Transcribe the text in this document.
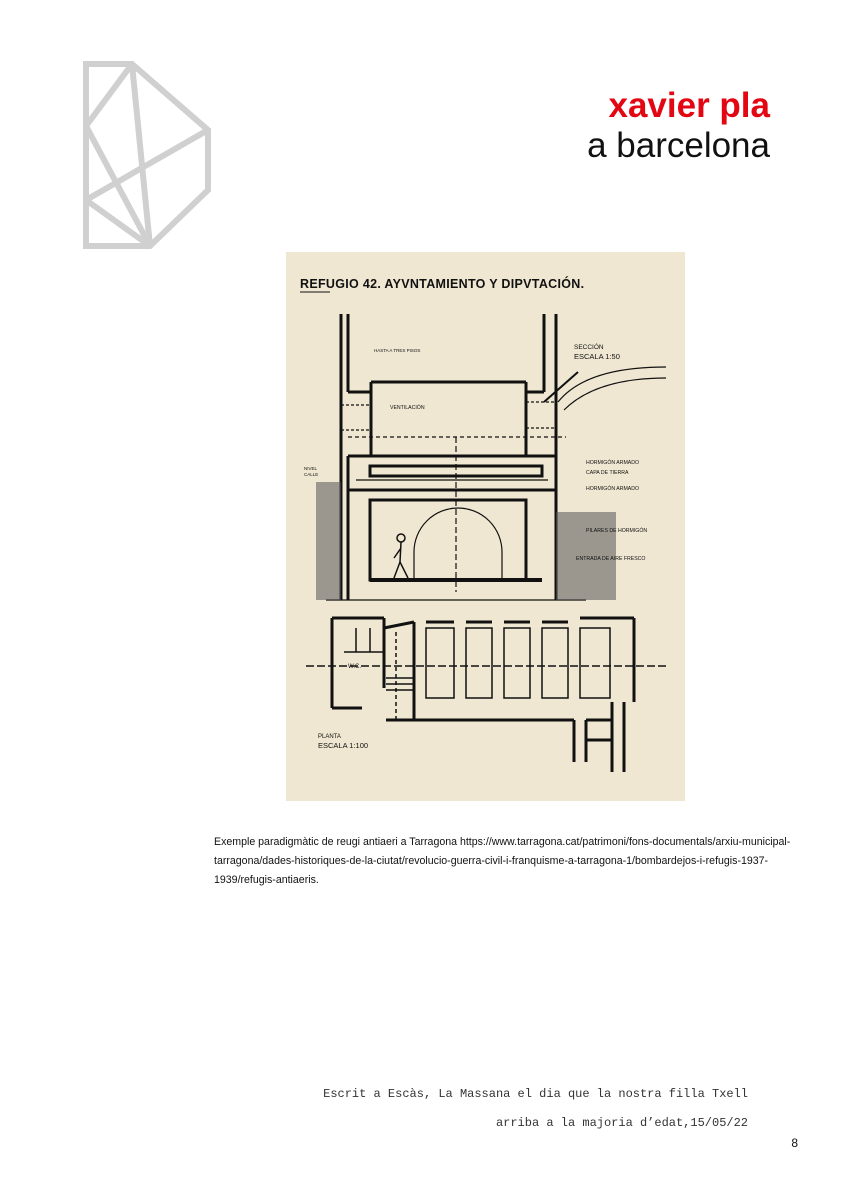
xavier pla
a barcelona
REFUGIO 42. AYVNTAMIENTO Y DIPVTACIÓN.
SECCIÓN
ESCALA 1:50
HASTA A TRES PISOS
VENTILACIÓN
NIVEL
CALLE
HORMIGÓN ARMADO
CAPA DE TIERRA
HORMIGÓN ARMADO
PILARES DE HORMIGÓN
ENTRADA DE AIRE FRESCO
W.C.
PLANTA
ESCALA 1:100
Exemple paradigmàtic de reugi antiaeri a Tarragona https://www.tarragona.cat/patrimoni/fons-documentals/arxiu-municipal-tarragona/dades-historiques-de-la-ciutat/revolucio-guerra-civil-i-franquisme-a-tarragona-1/bombardejos-i-refugis-1937-1939/refugis-antiaeris.
Escrit a Escàs, La Massana el dia que la nostra filla Txell
arriba a la majoria d’edat,15/05/22
8
